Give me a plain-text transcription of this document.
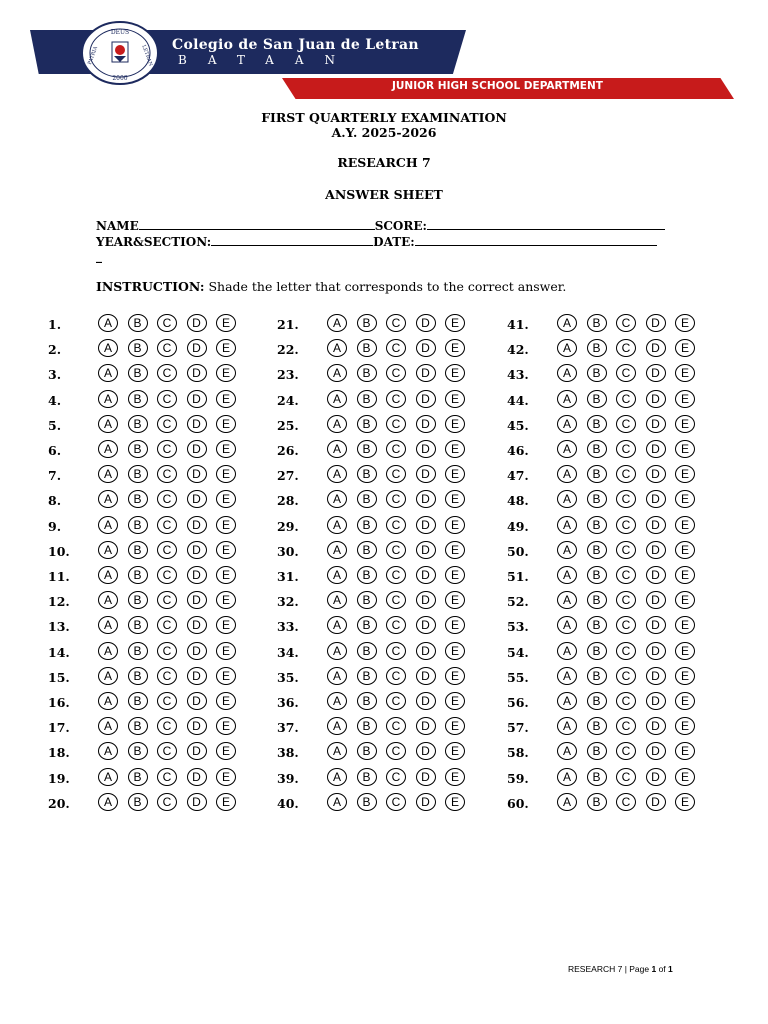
DEUS
PATRIA	LETRAN
2000
Colegio de San Juan de Letran
BATAAN
JUNIOR HIGH SCHOOL DEPARTMENT
FIRST QUARTERLY EXAMINATION
A.Y. 2025-2026
RESEARCH 7
ANSWER SHEET
NAME	SCORE:
YEAR&SECTION:	DATE:
_
INSTRUCTION: Shade the letter that corresponds to the correct answer.
1.	A	B	C	D	E
2.	A	B	C	D	E
3.	A	B	C	D	E
4.	A	B	C	D	E
5.	A	B	C	D	E
6.	A	B	C	D	E
7.	A	B	C	D	E
8.	A	B	C	D	E
9.	A	B	C	D	E
10.	A	B	C	D	E
11.	A	B	C	D	E
12.	A	B	C	D	E
13.	A	B	C	D	E
14.	A	B	C	D	E
15.	A	B	C	D	E
16.	A	B	C	D	E
17.	A	B	C	D	E
18.	A	B	C	D	E
19.	A	B	C	D	E
20.	A	B	C	D	E
21.	A	B	C	D	E
22.	A	B	C	D	E
23.	A	B	C	D	E
24.	A	B	C	D	E
25.	A	B	C	D	E
26.	A	B	C	D	E
27.	A	B	C	D	E
28.	A	B	C	D	E
29.	A	B	C	D	E
30.	A	B	C	D	E
31.	A	B	C	D	E
32.	A	B	C	D	E
33.	A	B	C	D	E
34.	A	B	C	D	E
35.	A	B	C	D	E
36.	A	B	C	D	E
37.	A	B	C	D	E
38.	A	B	C	D	E
39.	A	B	C	D	E
40.	A	B	C	D	E
41.	A	B	C	D	E
42.	A	B	C	D	E
43.	A	B	C	D	E
44.	A	B	C	D	E
45.	A	B	C	D	E
46.	A	B	C	D	E
47.	A	B	C	D	E
48.	A	B	C	D	E
49.	A	B	C	D	E
50.	A	B	C	D	E
51.	A	B	C	D	E
52.	A	B	C	D	E
53.	A	B	C	D	E
54.	A	B	C	D	E
55.	A	B	C	D	E
56.	A	B	C	D	E
57.	A	B	C	D	E
58.	A	B	C	D	E
59.	A	B	C	D	E
60.	A	B	C	D	E
RESEARCH 7 | Page 1 of 1
